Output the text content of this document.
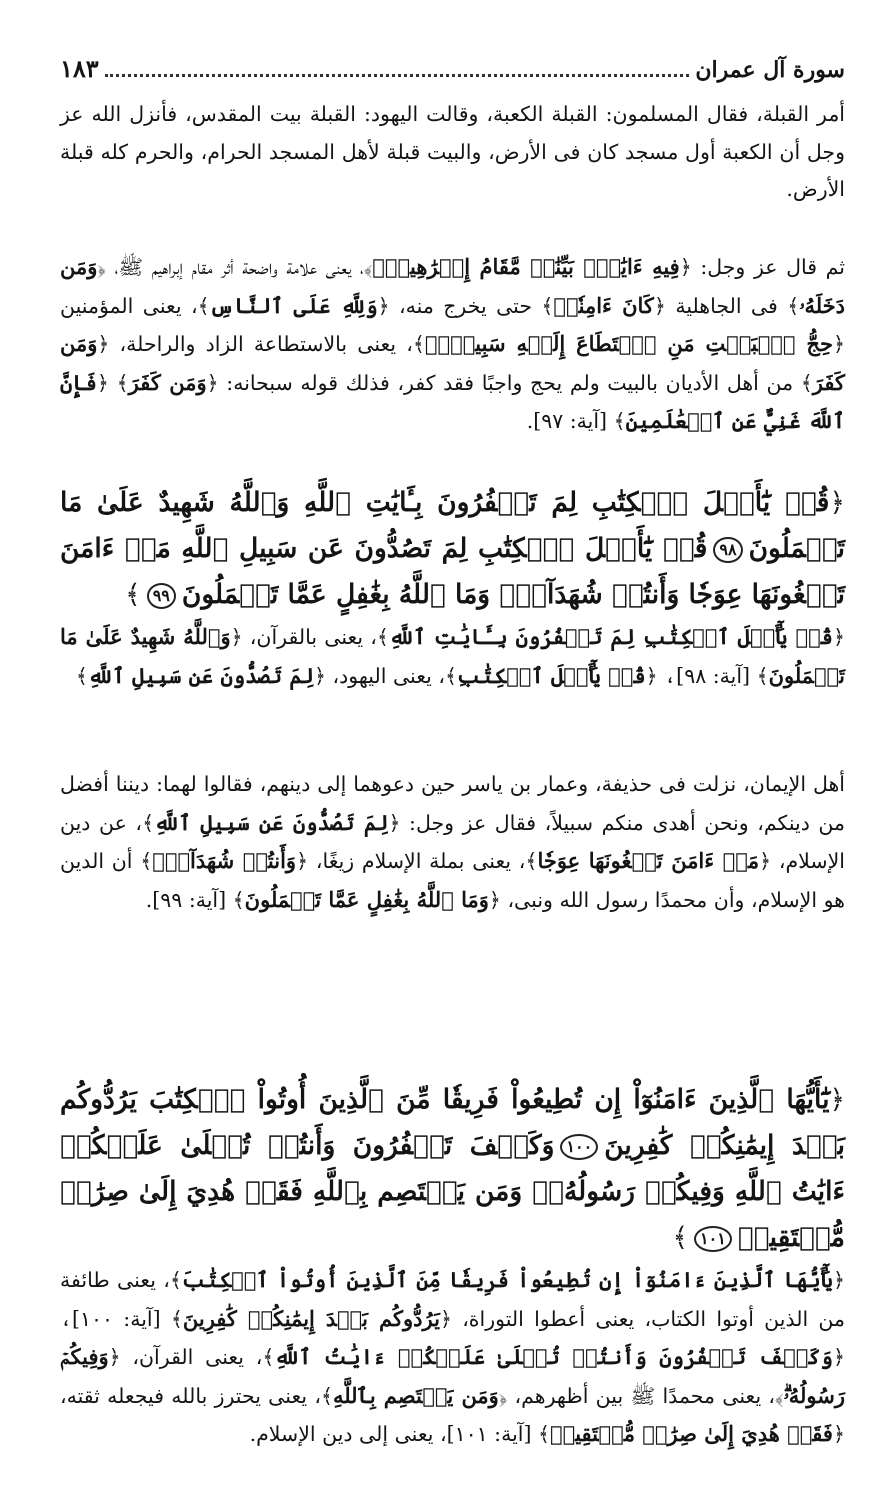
سورة آل عمران
١٨٣

أمر القبلة، فقال المسلمون: القبلة الكعبة، وقالت اليهود: القبلة بيت المقدس، فأنزل الله عز وجل أن الكعبة أول مسجد كان فى الأرض، والبيت قبلة لأهل المسجد الحرام، والحرم كله قبلة الأرض.

ثم قال عز وجل: ﴿فِيهِ ءَايَٰتُۢ بَيِّنَٰتٞ مَّقَامُ إِبۡرَٰهِيمَۖ﴾، يعنى علامة واضحة أثر مقام إبراهيم ﷺ، ﴿وَمَن دَخَلَهُۥ﴾ فى الجاهلية ﴿كَانَ ءَامِنٗاۗ﴾ حتى يخرج منه، ﴿وَلِلَّهِ عَلَى ٱلنَّاسِ﴾، يعنى المؤمنين ﴿حِجُّ ٱلۡبَيۡتِ مَنِ ٱسۡتَطَاعَ إِلَيۡهِ سَبِيلٗاۚ﴾، يعنى بالاستطاعة الزاد والراحلة، ﴿وَمَن كَفَرَ﴾ من أهل الأديان بالبيت ولم يحج واجبًا فقد كفر، فذلك قوله سبحانه: ﴿وَمَن كَفَرَ﴾ ﴿فَإِنَّ ٱللَّهَ غَنِيٌّ عَنِ ٱلۡعَٰلَمِينَ﴾ [آية: ٩٧].

﴿قُلۡ يَٰٓأَهۡلَ ٱلۡكِتَٰبِ لِمَ تَكۡفُرُونَ بِـَٔايَٰتِ ٱللَّهِ وَٱللَّهُ شَهِيدٌ عَلَىٰ مَا تَعۡمَلُونَ٩٨قُلۡ يَٰٓأَهۡلَ ٱلۡكِتَٰبِ لِمَ تَصُدُّونَ عَن سَبِيلِ ٱللَّهِ مَنۡ ءَامَنَ تَبۡغُونَهَا عِوَجٗا وَأَنتُمۡ شُهَدَآءُۗ وَمَا ٱللَّهُ بِغَٰفِلٍ عَمَّا تَعۡمَلُونَ٩٩﴾

﴿قُلۡ يَٰٓأَهۡلَ ٱلۡكِتَٰبِ لِمَ تَكۡفُرُونَ بِـَٔايَٰتِ ٱللَّهِ﴾، يعنى بالقرآن، ﴿وَٱللَّهُ شَهِيدٌ عَلَىٰ مَا تَعۡمَلُونَ﴾ [آية: ٩٨]، ﴿قُلۡ يَٰٓأَهۡلَ ٱلۡكِتَٰبِ﴾، يعنى اليهود، ﴿لِمَ تَصُدُّونَ عَن سَبِيلِ ٱللَّهِ﴾

أهل الإيمان، نزلت فى حذيفة، وعمار بن ياسر حين دعوهما إلى دينهم، فقالوا لهما: ديننا أفضل من دينكم، ونحن أهدى منكم سبيلاً، فقال عز وجل: ﴿لِمَ تَصُدُّونَ عَن سَبِيلِ ٱللَّهِ﴾، عن دين الإسلام، ﴿مَنۡ ءَامَنَ تَبۡغُونَهَا عِوَجٗا﴾، يعنى بملة الإسلام زيغًا، ﴿وَأَنتُمۡ شُهَدَآءُۗ﴾ أن الدين هو الإسلام، وأن محمدًا رسول الله ونبى، ﴿وَمَا ٱللَّهُ بِغَٰفِلٍ عَمَّا تَعۡمَلُونَ﴾ [آية: ٩٩].

﴿يَٰٓأَيُّهَا ٱلَّذِينَ ءَامَنُوٓاْ إِن تُطِيعُواْ فَرِيقٗا مِّنَ ٱلَّذِينَ أُوتُواْ ٱلۡكِتَٰبَ يَرُدُّوكُم بَعۡدَ إِيمَٰنِكُمۡ كَٰفِرِينَ١٠٠وَكَيۡفَ تَكۡفُرُونَ وَأَنتُمۡ تُتۡلَىٰ عَلَيۡكُمۡ ءَايَٰتُ ٱللَّهِ وَفِيكُمۡ رَسُولُهُۥۗ وَمَن يَعۡتَصِم بِٱللَّهِ فَقَدۡ هُدِيَ إِلَىٰ صِرَٰطٖ مُّسۡتَقِيمٖ١٠١﴾

﴿يَٰٓأَيُّهَا ٱلَّذِينَ ءَامَنُوٓاْ إِن تُطِيعُواْ فَرِيقٗا مِّنَ ٱلَّذِينَ أُوتُواْ ٱلۡكِتَٰبَ﴾، يعنى طائفة من الذين أوتوا الكتاب، يعنى أعطوا التوراة، ﴿يَرُدُّوكُم بَعۡدَ إِيمَٰنِكُمۡ كَٰفِرِينَ﴾ [آية: ١٠٠]، ﴿وَكَيۡفَ تَكۡفُرُونَ وَأَنتُمۡ تُتۡلَىٰ عَلَيۡكُمۡ ءَايَٰتُ ٱللَّهِ﴾، يعنى القرآن، ﴿وَفِيكُمۡ رَسُولُهُۥۗ﴾، يعنى محمدًا ﷺ بين أظهرهم، ﴿وَمَن يَعۡتَصِم بِٱللَّهِ﴾، يعنى يحترز بالله فيجعله ثقته، ﴿فَقَدۡ هُدِيَ إِلَىٰ صِرَٰطٖ مُّسۡتَقِيمٖ﴾ [آية: ١٠١]، يعنى إلى دين الإسلام.
